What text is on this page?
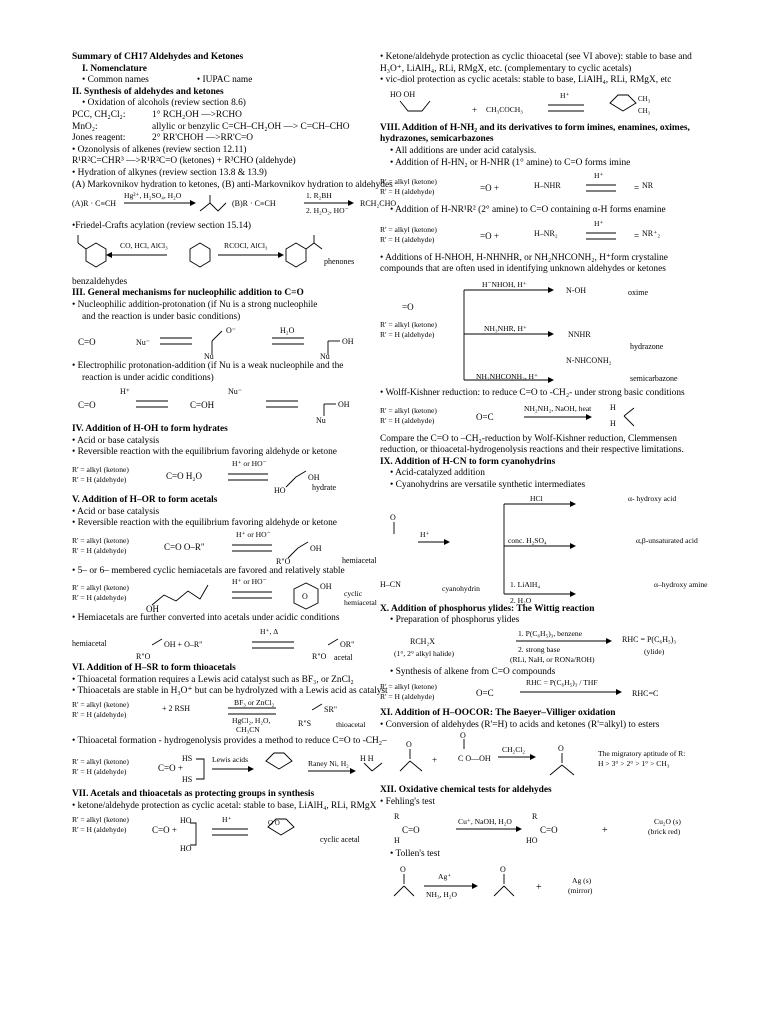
Summary of CH17 Aldehydes and Ketones
I. Nomenclature
• Common names	• IUPAC name
II. Synthesis of aldehydes and ketones
• Oxidation of alcohols (review section 8.6)
PCC, CH₂Cl₂:	1° RCH₂OH —>RCHO
MnO₂:	allylic or benzylic C=CH–CH₂OH —> C=CH–CHO
Jones reagent:	2° RR'CHOH —>RR'C=O
• Ozonolysis of alkenes (review section 12.11)
R¹R²C=CHR³ —>R¹R²C=O (ketones) + R³CHO (aldehyde)
• Hydration of alkynes (review section 13.8 & 13.9)
(A) Markovnikov hydration to ketones, (B) anti-Markovnikov hydration to aldehydes
(A)R · C≡CH
Hg²⁺, H₂SO₄, H₂O
(B)R · C≡CH
1. R₂BH
2. H₂O₂, HO⁻
RCH₂CHO
•Friedel-Crafts acylation (review section 15.14)
CO, HCl, AlCl₃	RCOCl, AlCl₃
phenones
benzaldehydes
III. General mechanisms for nucleophilic addition to C=O
• Nucleophilic addition-protonation (if Nu is a strong nucleophile
and the reaction is under basic conditions)
C=O	Nu⁻
O⁻
Nu
H₂O
OH
Nu
• Electrophilic protonation-addition (if Nu is a weak nucleophile and the
reaction is under acidic conditions)
C=O
H⁺
C=OH
Nu⁻
OH
Nu
IV. Addition of H-OH to form hydrates
• Acid or base catalysis
• Reversible reaction with the equilibrium favoring aldehyde or ketone
R' = alkyl (ketone)
R' = H (aldehyde)	C=O H₂O	OH
HO
H⁺ or HO⁻
hydrate
V. Addition of H–OR to form acetals
• Acid or base catalysis
• Reversible reaction with the equilibrium favoring aldehyde or ketone
R' = alkyl (ketone)
R' = H (aldehyde)	C=O O–R"	OH
R"O
H⁺ or HO⁻
hemiacetal
• 5– or 6– membered cyclic hemiacetals are favored and relatively stable
R' = alkyl (ketone)
R' = H (aldehyde)
OH
OH
O
H⁺ or HO⁻
cyclic hemiacetal
• Hemiacetals are further converted into acetals under acidic conditions
hemiacetal	OH + O–R"
R"O
OR"
R"O
H⁺, Δ
acetal
VI. Addition of H–SR to form thioacetals
• Thioacetal formation requires a Lewis acid catalyst such as BF₃, or ZnCl₂
• Thioacetals are stable in H₃O⁺ but can be hydrolyzed with a Lewis acid as catalyst
R' = alkyl (ketone)
R' = H (aldehyde)
+ 2 RSH	SR"
R"S
BF₃ or ZnCl₂
HgCl₂, H₂O,
CH₃CN
thioacetal
• Thioacetal formation - hydrogenolysis provides a method to reduce C=O to -CH₂–
R' = alkyl (ketone)
R' = H (aldehyde)	C=O +
HS
HS
H H
Lewis acids	Raney Ni, H₂
VII. Acetals and thioacetals as protecting groups in synthesis
• ketone/aldehyde protection as cyclic acetal: stable to base, LiAlH₄, RLi, RMgX
R' = alkyl (ketone)
R' = H (aldehyde)	C=O +
HO
HO
O O
H⁺
cyclic acetal
• Ketone/aldehyde protection as cyclic thioacetal (see VI above): stable to base and H₃O⁺, LiAlH₄, RLi, RMgX, etc. (complementary to cyclic acetals)
• vic-diol protection as cyclic acetals: stable to base, LiAlH₄, RLi, RMgX, etc
HO OH
+
CH₃
CH₃
H⁺
CH₃COCH₃
VIII. Addition of H-NH₂ and its derivatives to form imines, enamines, oximes, hydrazones, semicarbazones
• All additions are under acid catalysis.
• Addition of H-HN₂ or H-NHR (1° amine) to C=O forms imine
R' = alkyl (ketone)
R' = H (aldehyde)	=O +	=
H–NHR
H⁺
NR
• Addition of H-NR¹R² (2° amine) to C=O containing α-H forms enamine
R' = alkyl (ketone)
R' = H (aldehyde)	=O +	=
H–NR₂
H⁺
NR⁺₂
• Additions of H-NHOH, H-NHNHR, or NH₂NHCONH₂, H⁺form crystaline compounds that are often used in identifying unknown aldehydes or ketones
R' = alkyl (ketone)
R' = H (aldehyde)
=O
H⁻NHOH, H⁺
N-OH	oxime
NH₃NHR, H⁺
NNHR
hydrazone
NH₂NHCONH₂, H⁺
N-NHCONH₂
semicarbazone
• Wolff-Kishner reduction: to reduce C=O to -CH₂- under strong basic conditions
R' = alkyl (ketone)
R' = H (aldehyde)	O=C
H
H
NH₂NH₂, NaOH, heat
Compare the C=O to –CH₂-reduction by Wolf-Kishner reduction, Clemmensen reduction, or thioacetal-hydrogenolysis reactions and their respective limitations.
IX. Addition of H-CN to form cyanohydrins
• Acid-catalyzed addition
• Cyanohydrins are versatile synthetic intermediates
O
H⁺
H–CN	cyanohydrin
HCl
conc. H₂SO₄
1. LiAlH₄
2. H₂O
α- hydroxy acid
α,β-unsaturated acid
α–hydroxy amine
X. Addition of phosphorus ylides: The Wittig reaction
• Preparation of phosphorus ylides
RCH₂X
(1°, 2° alkyl halide)
1. P(C₆H₅)₃, benzene
2. strong base
(RLi, NaH, or RONa/ROH)
RHC = P(C₆H₅)₃
(ylide)
• Synthesis of alkene from C=O compounds
R' = alkyl (ketone)
R' = H (aldehyde)	O=C	RHC=C
RHC = P(C₆H₅)₃ / THF
XI. Addition of H–OOCOR: The Baeyer–Villiger oxidation
• Conversion of aldehydes (R'=H) to acids and ketones (R'=alkyl) to esters
O
+
O
C O—OH
O
CH₂Cl₂	The migratory aptitude of R:
H > 3° > 2° > 1° > CH₃
XII. Oxidative chemical tests for aldehydes
• Fehling's test
C=O
R
H
C=O
R
HO
+
Cu⁺, NaOH, H₂O	Cu₂O (s)
(brick red)
• Tollen's test
O	O
+
Ag⁺
NH₃, H₂O
Ag (s)
(mirror)
